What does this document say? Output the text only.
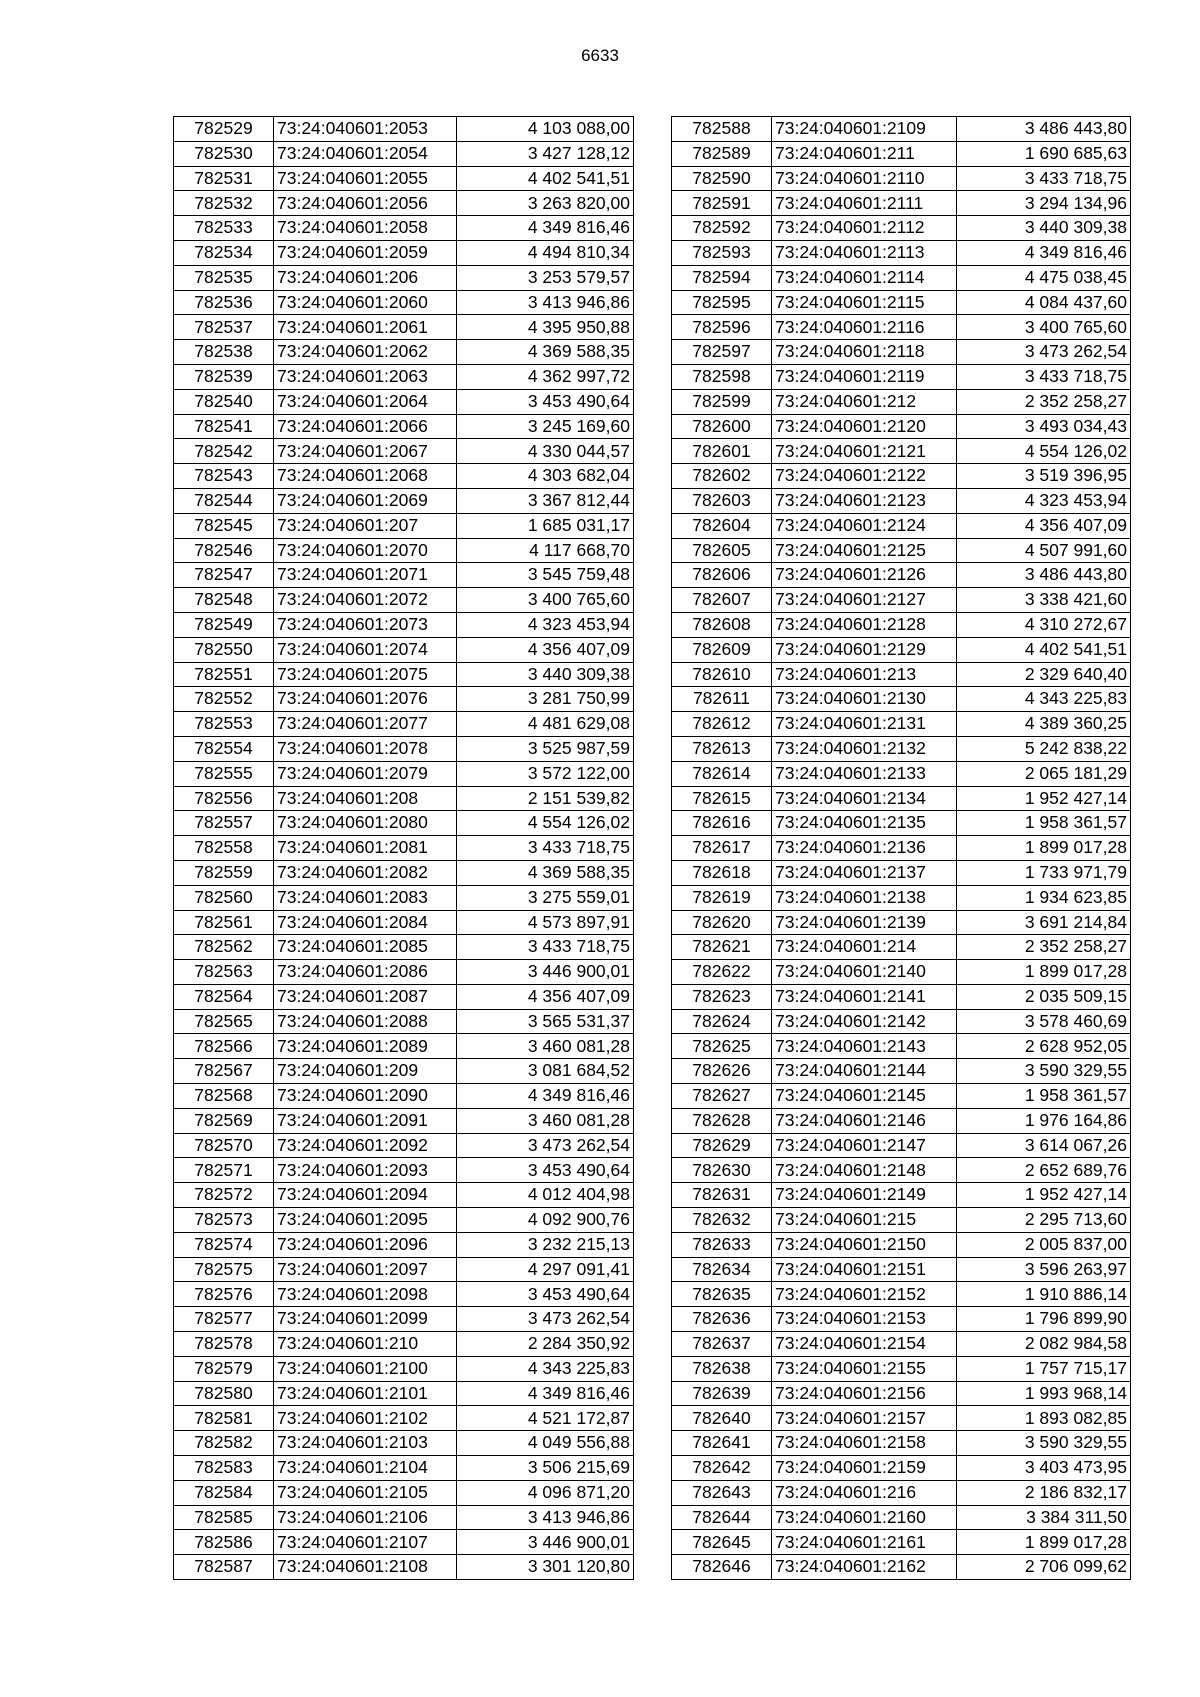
6633
782529	73:24:040601:2053	4 103 088,00
782530	73:24:040601:2054	3 427 128,12
782531	73:24:040601:2055	4 402 541,51
782532	73:24:040601:2056	3 263 820,00
782533	73:24:040601:2058	4 349 816,46
782534	73:24:040601:2059	4 494 810,34
782535	73:24:040601:206	3 253 579,57
782536	73:24:040601:2060	3 413 946,86
782537	73:24:040601:2061	4 395 950,88
782538	73:24:040601:2062	4 369 588,35
782539	73:24:040601:2063	4 362 997,72
782540	73:24:040601:2064	3 453 490,64
782541	73:24:040601:2066	3 245 169,60
782542	73:24:040601:2067	4 330 044,57
782543	73:24:040601:2068	4 303 682,04
782544	73:24:040601:2069	3 367 812,44
782545	73:24:040601:207	1 685 031,17
782546	73:24:040601:2070	4 117 668,70
782547	73:24:040601:2071	3 545 759,48
782548	73:24:040601:2072	3 400 765,60
782549	73:24:040601:2073	4 323 453,94
782550	73:24:040601:2074	4 356 407,09
782551	73:24:040601:2075	3 440 309,38
782552	73:24:040601:2076	3 281 750,99
782553	73:24:040601:2077	4 481 629,08
782554	73:24:040601:2078	3 525 987,59
782555	73:24:040601:2079	3 572 122,00
782556	73:24:040601:208	2 151 539,82
782557	73:24:040601:2080	4 554 126,02
782558	73:24:040601:2081	3 433 718,75
782559	73:24:040601:2082	4 369 588,35
782560	73:24:040601:2083	3 275 559,01
782561	73:24:040601:2084	4 573 897,91
782562	73:24:040601:2085	3 433 718,75
782563	73:24:040601:2086	3 446 900,01
782564	73:24:040601:2087	4 356 407,09
782565	73:24:040601:2088	3 565 531,37
782566	73:24:040601:2089	3 460 081,28
782567	73:24:040601:209	3 081 684,52
782568	73:24:040601:2090	4 349 816,46
782569	73:24:040601:2091	3 460 081,28
782570	73:24:040601:2092	3 473 262,54
782571	73:24:040601:2093	3 453 490,64
782572	73:24:040601:2094	4 012 404,98
782573	73:24:040601:2095	4 092 900,76
782574	73:24:040601:2096	3 232 215,13
782575	73:24:040601:2097	4 297 091,41
782576	73:24:040601:2098	3 453 490,64
782577	73:24:040601:2099	3 473 262,54
782578	73:24:040601:210	2 284 350,92
782579	73:24:040601:2100	4 343 225,83
782580	73:24:040601:2101	4 349 816,46
782581	73:24:040601:2102	4 521 172,87
782582	73:24:040601:2103	4 049 556,88
782583	73:24:040601:2104	3 506 215,69
782584	73:24:040601:2105	4 096 871,20
782585	73:24:040601:2106	3 413 946,86
782586	73:24:040601:2107	3 446 900,01
782587	73:24:040601:2108	3 301 120,80
782588	73:24:040601:2109	3 486 443,80
782589	73:24:040601:211	1 690 685,63
782590	73:24:040601:2110	3 433 718,75
782591	73:24:040601:2111	3 294 134,96
782592	73:24:040601:2112	3 440 309,38
782593	73:24:040601:2113	4 349 816,46
782594	73:24:040601:2114	4 475 038,45
782595	73:24:040601:2115	4 084 437,60
782596	73:24:040601:2116	3 400 765,60
782597	73:24:040601:2118	3 473 262,54
782598	73:24:040601:2119	3 433 718,75
782599	73:24:040601:212	2 352 258,27
782600	73:24:040601:2120	3 493 034,43
782601	73:24:040601:2121	4 554 126,02
782602	73:24:040601:2122	3 519 396,95
782603	73:24:040601:2123	4 323 453,94
782604	73:24:040601:2124	4 356 407,09
782605	73:24:040601:2125	4 507 991,60
782606	73:24:040601:2126	3 486 443,80
782607	73:24:040601:2127	3 338 421,60
782608	73:24:040601:2128	4 310 272,67
782609	73:24:040601:2129	4 402 541,51
782610	73:24:040601:213	2 329 640,40
782611	73:24:040601:2130	4 343 225,83
782612	73:24:040601:2131	4 389 360,25
782613	73:24:040601:2132	5 242 838,22
782614	73:24:040601:2133	2 065 181,29
782615	73:24:040601:2134	1 952 427,14
782616	73:24:040601:2135	1 958 361,57
782617	73:24:040601:2136	1 899 017,28
782618	73:24:040601:2137	1 733 971,79
782619	73:24:040601:2138	1 934 623,85
782620	73:24:040601:2139	3 691 214,84
782621	73:24:040601:214	2 352 258,27
782622	73:24:040601:2140	1 899 017,28
782623	73:24:040601:2141	2 035 509,15
782624	73:24:040601:2142	3 578 460,69
782625	73:24:040601:2143	2 628 952,05
782626	73:24:040601:2144	3 590 329,55
782627	73:24:040601:2145	1 958 361,57
782628	73:24:040601:2146	1 976 164,86
782629	73:24:040601:2147	3 614 067,26
782630	73:24:040601:2148	2 652 689,76
782631	73:24:040601:2149	1 952 427,14
782632	73:24:040601:215	2 295 713,60
782633	73:24:040601:2150	2 005 837,00
782634	73:24:040601:2151	3 596 263,97
782635	73:24:040601:2152	1 910 886,14
782636	73:24:040601:2153	1 796 899,90
782637	73:24:040601:2154	2 082 984,58
782638	73:24:040601:2155	1 757 715,17
782639	73:24:040601:2156	1 993 968,14
782640	73:24:040601:2157	1 893 082,85
782641	73:24:040601:2158	3 590 329,55
782642	73:24:040601:2159	3 403 473,95
782643	73:24:040601:216	2 186 832,17
782644	73:24:040601:2160	3 384 311,50
782645	73:24:040601:2161	1 899 017,28
782646	73:24:040601:2162	2 706 099,62
